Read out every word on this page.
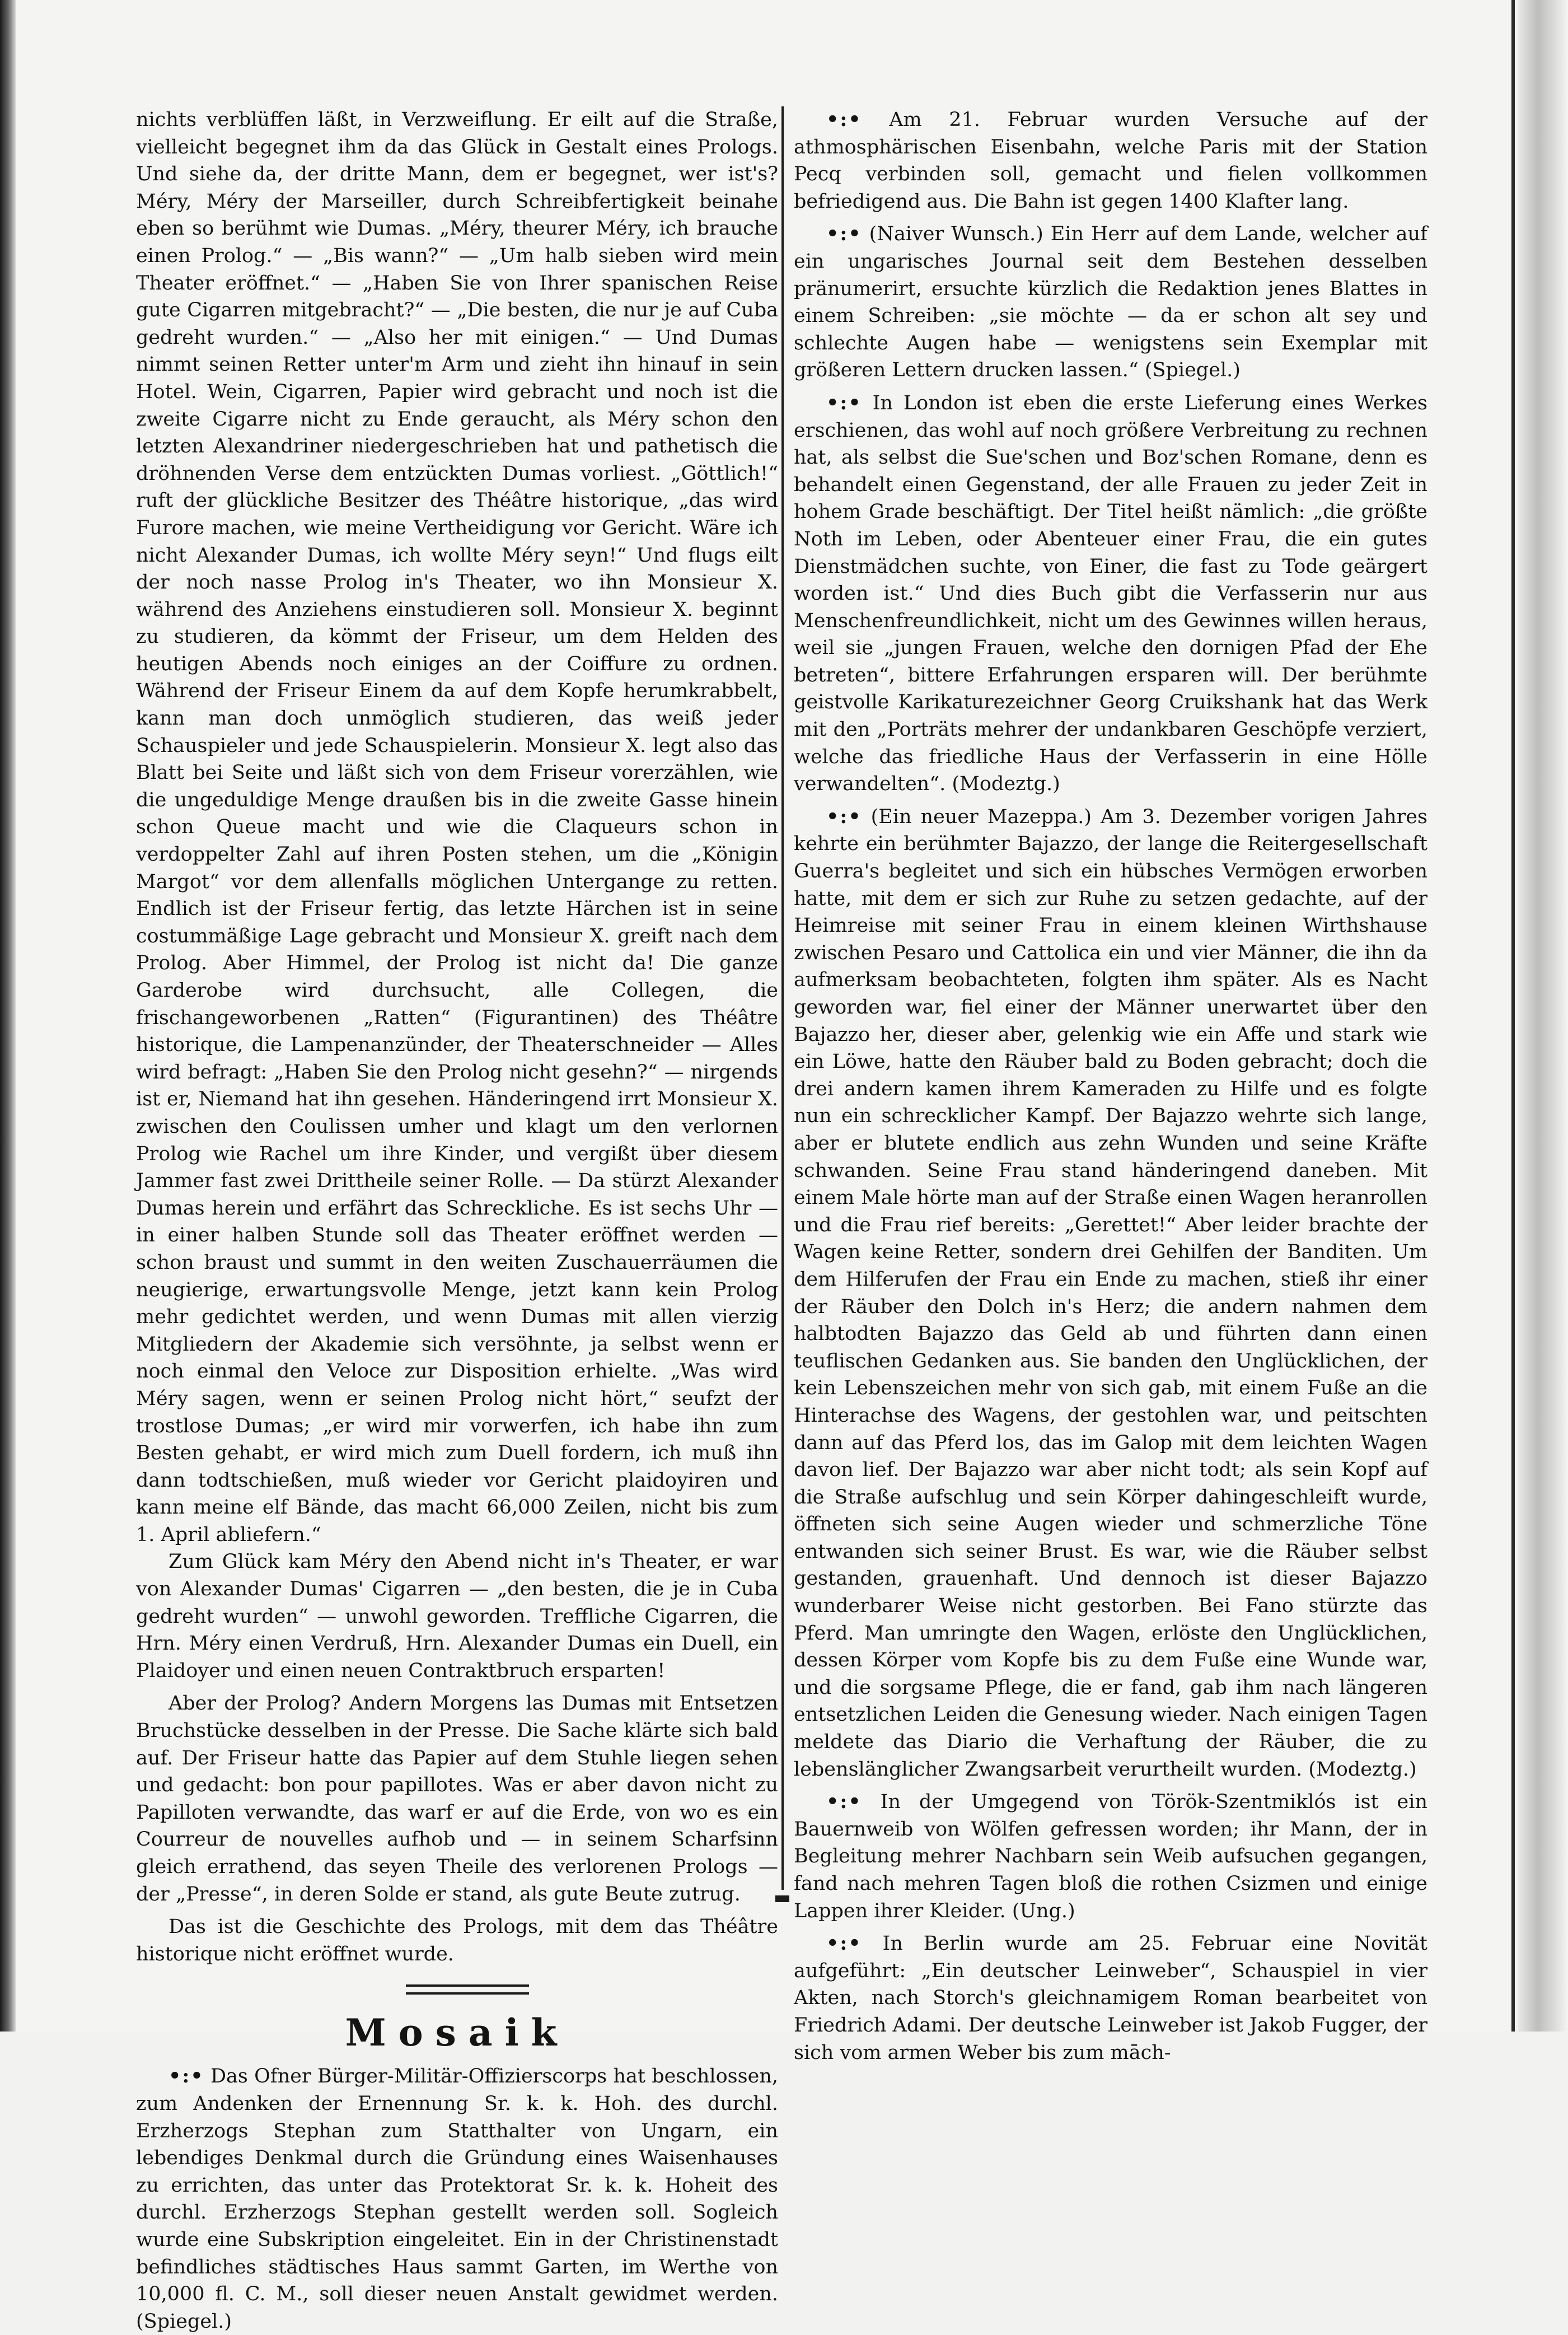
nichts verblüffen läßt, in Verzweiflung. Er eilt auf die Straße, vielleicht begegnet ihm da das Glück in Gestalt eines Prologs. Und siehe da, der dritte Mann, dem er begegnet, wer ist's? Méry, Méry der Marseiller, durch Schreibfertigkeit beinahe eben so berühmt wie Dumas. „Méry, theurer Méry, ich brauche einen Prolog.“ — „Bis wann?“ — „Um halb sieben wird mein Theater eröffnet.“ — „Haben Sie von Ihrer spanischen Reise gute Cigarren mitgebracht?“ — „Die besten, die nur je auf Cuba gedreht wurden.“ — „Also her mit einigen.“ — Und Dumas nimmt seinen Retter unter'm Arm und zieht ihn hinauf in sein Hotel. Wein, Cigarren, Papier wird gebracht und noch ist die zweite Cigarre nicht zu Ende geraucht, als Méry schon den letzten Alexandriner niedergeschrieben hat und pathetisch die dröhnenden Verse dem entzückten Dumas vorliest. „Göttlich!“ ruft der glückliche Besitzer des Théâtre historique, „das wird Furore machen, wie meine Vertheidigung vor Gericht. Wäre ich nicht Alexander Dumas, ich wollte Méry seyn!“ Und flugs eilt der noch nasse Prolog in's Theater, wo ihn Monsieur X. während des Anziehens einstudieren soll. Monsieur X. beginnt zu studieren, da kömmt der Friseur, um dem Helden des heutigen Abends noch einiges an der Coiffure zu ordnen. Während der Friseur Einem da auf dem Kopfe herumkrabbelt, kann man doch unmöglich studieren, das weiß jeder Schauspieler und jede Schauspielerin. Monsieur X. legt also das Blatt bei Seite und läßt sich von dem Friseur vorerzählen, wie die ungeduldige Menge draußen bis in die zweite Gasse hinein schon Queue macht und wie die Claqueurs schon in verdoppelter Zahl auf ihren Posten stehen, um die „Königin Margot“ vor dem allenfalls möglichen Untergange zu retten. Endlich ist der Friseur fertig, das letzte Härchen ist in seine costummäßige Lage gebracht und Monsieur X. greift nach dem Prolog. Aber Himmel, der Prolog ist nicht da! Die ganze Garderobe wird durchsucht, alle Collegen, die frischangeworbenen „Ratten“ (Figurantinen) des Théâtre historique, die Lampenanzünder, der Theaterschneider — Alles wird befragt: „Haben Sie den Prolog nicht gesehn?“ — nirgends ist er, Niemand hat ihn gesehen. Händeringend irrt Monsieur X. zwischen den Coulissen umher und klagt um den verlornen Prolog wie Rachel um ihre Kinder, und vergißt über diesem Jammer fast zwei Drittheile seiner Rolle. — Da stürzt Alexander Dumas herein und erfährt das Schreckliche. Es ist sechs Uhr — in einer halben Stunde soll das Theater eröffnet werden — schon braust und summt in den weiten Zuschauerräumen die neugierige, erwartungsvolle Menge, jetzt kann kein Prolog mehr gedichtet werden, und wenn Dumas mit allen vierzig Mitgliedern der Akademie sich versöhnte, ja selbst wenn er noch einmal den Veloce zur Disposition erhielte. „Was wird Méry sagen, wenn er seinen Prolog nicht hört,“ seufzt der trostlose Dumas; „er wird mir vorwerfen, ich habe ihn zum Besten gehabt, er wird mich zum Duell fordern, ich muß ihn dann todtschießen, muß wieder vor Gericht plaidoyiren und kann meine elf Bände, das macht 66,000 Zeilen, nicht bis zum 1. April abliefern.“

Zum Glück kam Méry den Abend nicht in's Theater, er war von Alexander Dumas' Cigarren — „den besten, die je in Cuba gedreht wurden“ — unwohl geworden. Treffliche Cigarren, die Hrn. Méry einen Verdruß, Hrn. Alexander Dumas ein Duell, ein Plaidoyer und einen neuen Contraktbruch ersparten!

Aber der Prolog? Andern Morgens las Dumas mit Entsetzen Bruchstücke desselben in der Presse. Die Sache klärte sich bald auf. Der Friseur hatte das Papier auf dem Stuhle liegen sehen und gedacht: bon pour papillotes. Was er aber davon nicht zu Papilloten verwandte, das warf er auf die Erde, von wo es ein Courreur de nouvelles aufhob und — in seinem Scharfsinn gleich errathend, das seyen Theile des verlorenen Prologs — der „Presse“, in deren Solde er stand, als gute Beute zutrug.

Das ist die Geschichte des Prologs, mit dem das Théâtre historique nicht eröffnet wurde.

Mosaik

•:• Das Ofner Bürger-Militär-Offizierscorps hat beschlossen, zum Andenken der Ernennung Sr. k. k. Hoh. des durchl. Erzherzogs Stephan zum Statthalter von Ungarn, ein lebendiges Denkmal durch die Gründung eines Waisenhauses zu errichten, das unter das Protektorat Sr. k. k. Hoheit des durchl. Erzherzogs Stephan gestellt werden soll. Sogleich wurde eine Subskription eingeleitet. Ein in der Christinenstadt befindliches städtisches Haus sammt Garten, im Werthe von 10,000 fl. C. M., soll dieser neuen Anstalt gewidmet werden. (Spiegel.)

•:• Am 21. Februar wurden Versuche auf der athmosphärischen Eisenbahn, welche Paris mit der Station Pecq verbinden soll, gemacht und fielen vollkommen befriedigend aus. Die Bahn ist gegen 1400 Klafter lang.

•:• (Naiver Wunsch.) Ein Herr auf dem Lande, welcher auf ein ungarisches Journal seit dem Bestehen desselben pränumerirt, ersuchte kürzlich die Redaktion jenes Blattes in einem Schreiben: „sie möchte — da er schon alt sey und schlechte Augen habe — wenigstens sein Exemplar mit größeren Lettern drucken lassen.“ (Spiegel.)

•:• In London ist eben die erste Lieferung eines Werkes erschienen, das wohl auf noch größere Verbreitung zu rechnen hat, als selbst die Sue'schen und Boz'schen Romane, denn es behandelt einen Gegenstand, der alle Frauen zu jeder Zeit in hohem Grade beschäftigt. Der Titel heißt nämlich: „die größte Noth im Leben, oder Abenteuer einer Frau, die ein gutes Dienstmädchen suchte, von Einer, die fast zu Tode geärgert worden ist.“ Und dies Buch gibt die Verfasserin nur aus Menschenfreundlichkeit, nicht um des Gewinnes willen heraus, weil sie „jungen Frauen, welche den dornigen Pfad der Ehe betreten“, bittere Erfahrungen ersparen will. Der berühmte geistvolle Karikaturezeichner Georg Cruikshank hat das Werk mit den „Porträts mehrer der undankbaren Geschöpfe verziert, welche das friedliche Haus der Verfasserin in eine Hölle verwandelten“. (Modeztg.)

•:• (Ein neuer Mazeppa.) Am 3. Dezember vorigen Jahres kehrte ein berühmter Bajazzo, der lange die Reitergesellschaft Guerra's begleitet und sich ein hübsches Vermögen erworben hatte, mit dem er sich zur Ruhe zu setzen gedachte, auf der Heimreise mit seiner Frau in einem kleinen Wirthshause zwischen Pesaro und Cattolica ein und vier Männer, die ihn da aufmerksam beobachteten, folgten ihm später. Als es Nacht geworden war, fiel einer der Männer unerwartet über den Bajazzo her, dieser aber, gelenkig wie ein Affe und stark wie ein Löwe, hatte den Räuber bald zu Boden gebracht; doch die drei andern kamen ihrem Kameraden zu Hilfe und es folgte nun ein schrecklicher Kampf. Der Bajazzo wehrte sich lange, aber er blutete endlich aus zehn Wunden und seine Kräfte schwanden. Seine Frau stand händeringend daneben. Mit einem Male hörte man auf der Straße einen Wagen heranrollen und die Frau rief bereits: „Gerettet!“ Aber leider brachte der Wagen keine Retter, sondern drei Gehilfen der Banditen. Um dem Hilferufen der Frau ein Ende zu machen, stieß ihr einer der Räuber den Dolch in's Herz; die andern nahmen dem halbtodten Bajazzo das Geld ab und führten dann einen teuflischen Gedanken aus. Sie banden den Unglücklichen, der kein Lebenszeichen mehr von sich gab, mit einem Fuße an die Hinterachse des Wagens, der gestohlen war, und peitschten dann auf das Pferd los, das im Galop mit dem leichten Wagen davon lief. Der Bajazzo war aber nicht todt; als sein Kopf auf die Straße aufschlug und sein Körper dahingeschleift wurde, öffneten sich seine Augen wieder und schmerzliche Töne entwanden sich seiner Brust. Es war, wie die Räuber selbst gestanden, grauenhaft. Und dennoch ist dieser Bajazzo wunderbarer Weise nicht gestorben. Bei Fano stürzte das Pferd. Man umringte den Wagen, erlöste den Unglücklichen, dessen Körper vom Kopfe bis zu dem Fuße eine Wunde war, und die sorgsame Pflege, die er fand, gab ihm nach längeren entsetzlichen Leiden die Genesung wieder. Nach einigen Tagen meldete das Diario die Verhaftung der Räuber, die zu lebenslänglicher Zwangsarbeit verurtheilt wurden. (Modeztg.)

•:• In der Umgegend von Török-Szentmiklós ist ein Bauernweib von Wölfen gefressen worden; ihr Mann, der in Begleitung mehrer Nachbarn sein Weib aufsuchen gegangen, fand nach mehren Tagen bloß die rothen Csizmen und einige Lappen ihrer Kleider. (Ung.)

•:• In Berlin wurde am 25. Februar eine Novität aufgeführt: „Ein deutscher Leinweber“, Schauspiel in vier Akten, nach Storch's gleichnamigem Roman bearbeitet von Friedrich Adami. Der deutsche Leinweber ist Jakob Fugger, der sich vom armen Weber bis zum māch-
